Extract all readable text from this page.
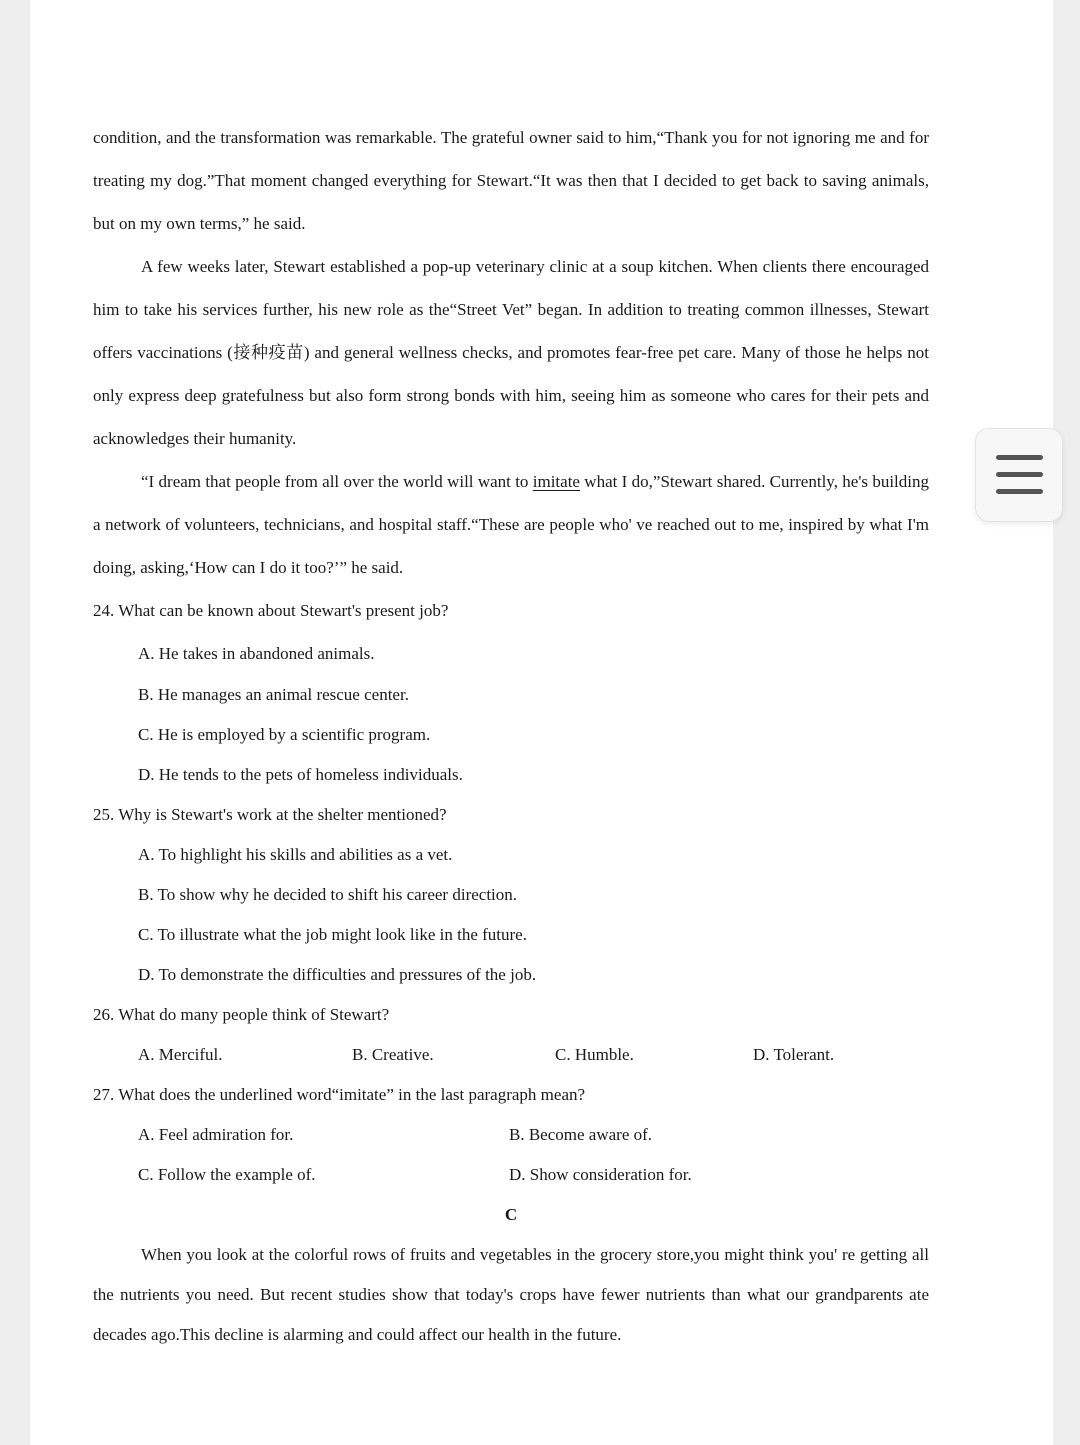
condition, and the transformation was remarkable. The grateful owner said to him,“Thank you for not ignoring me and for treating my dog.”That moment changed everything for Stewart.“It was then that I decided to get back to saving animals, but on my own terms,” he said.

A few weeks later, Stewart established a pop-up veterinary clinic at a soup kitchen. When clients there encouraged him to take his services further, his new role as the“Street Vet” began. In addition to treating common illnesses, Stewart offers vaccinations (接种疫苗) and general wellness checks, and promotes fear-free pet care. Many of those he helps not only express deep gratefulness but also form strong bonds with him, seeing him as someone who cares for their pets and acknowledges their humanity.

“I dream that people from all over the world will want to imitate what I do,”Stewart shared. Currently, he's building a network of volunteers, technicians, and hospital staff.“These are people who' ve reached out to me, inspired by what I'm doing, asking,‘How can I do it too?’” he said.

24. What can be known about Stewart's present job?
A. He takes in abandoned animals.
B. He manages an animal rescue center.
C. He is employed by a scientific program.
D. He tends to the pets of homeless individuals.
25. Why is Stewart's work at the shelter mentioned?
A. To highlight his skills and abilities as a vet.
B. To show why he decided to shift his career direction.
C. To illustrate what the job might look like in the future.
D. To demonstrate the difficulties and pressures of the job.
26. What do many people think of Stewart?
A. Merciful.	B. Creative.	C. Humble.	D. Tolerant.
27. What does the underlined word“imitate” in the last paragraph mean?
A. Feel admiration for.	B. Become aware of.
C. Follow the example of.	D. Show consideration for.
C

When you look at the colorful rows of fruits and vegetables in the grocery store,you might think you' re getting all the nutrients you need. But recent studies show that today's crops have fewer nutrients than what our grandparents ate decades ago.This decline is alarming and could affect our health in the future.
